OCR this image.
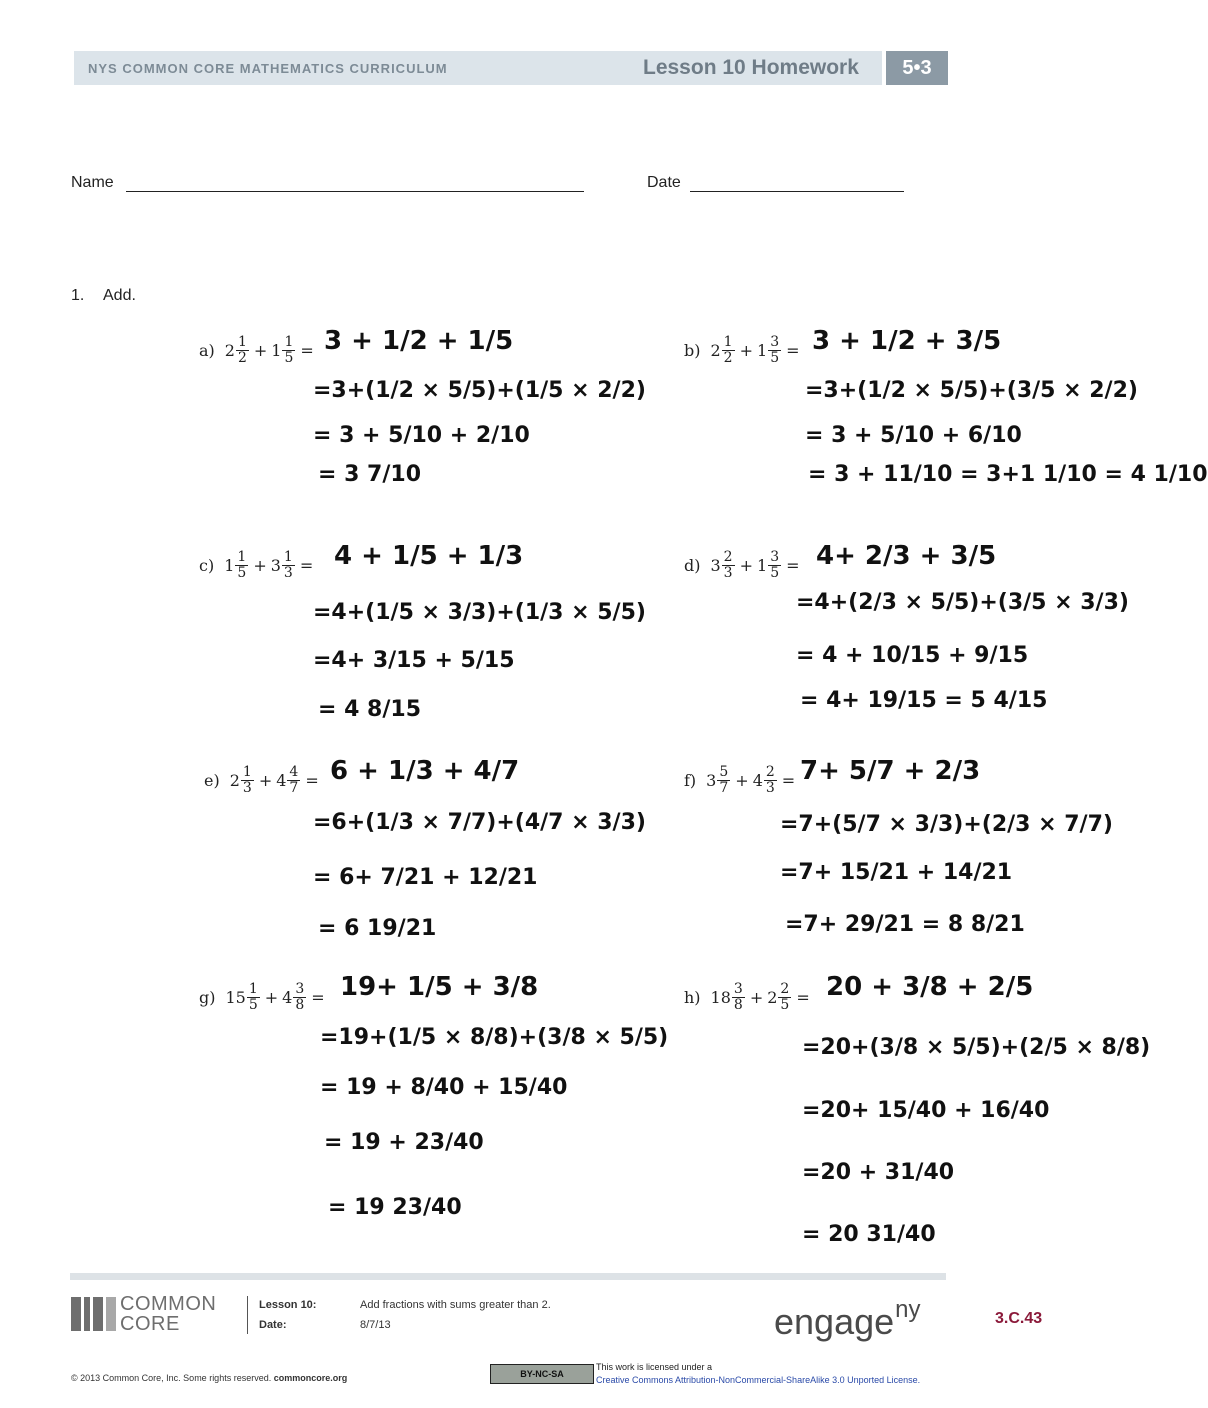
NYS COMMON CORE MATHEMATICS CURRICULUM	Lesson 10 Homework	5•3
Name	Date
1. Add.
a) $2 \frac{1}{2} + 1 \frac{1}{5} = 3 + 1/2 + 1/5$
=3+(1/2 × 5/5)+(1/5 × 2/2)
= 3 + 5/10 + 2/10
= 3 7/10
b) $2 \frac{1}{2} + 1 \frac{3}{5} = 3 + 1/2 + 3/5$
=3+(1/2 × 5/5)+(3/5 × 2/2)
= 3 + 5/10 + 6/10
= 3 + 11/10 = 3+1 1/10 = 4 1/10
c) $1 \frac{1}{5} + 3 \frac{1}{3} = 4 + 1/5 + 1/3$
=4+(1/5 × 3/3)+(1/3 × 5/5)
=4+ 3/15 + 5/15
= 4 8/15
d) $3 \frac{2}{3} + 1 \frac{3}{5} = 4+ 2/3 + 3/5$
=4+(2/3 × 5/5)+(3/5 × 3/3)
= 4 + 10/15 + 9/15
= 4+ 19/15 = 5 4/15
e) $2 \frac{1}{3} + 4 \frac{4}{7} = 6 + 1/3 + 4/7$
=6+(1/3 × 7/7)+(4/7 × 3/3)
= 6+ 7/21 + 12/21
= 6 19/21
f) $3 \frac{5}{7} + 4 \frac{2}{3} = 7+ 5/7 + 2/3$
=7+(5/7 × 3/3)+(2/3 × 7/7)
=7+ 15/21 + 14/21
=7+ 29/21 = 8 8/21
g) $15 \frac{1}{5} + 4 \frac{3}{8} = 19+ 1/5 + 3/8$
=19+(1/5 × 8/8)+(3/8 × 5/5)
= 19 + 8/40 + 15/40
= 19 + 23/40
= 19 23/40
h) $18 \frac{3}{8} + 2 \frac{2}{5} = 20 + 3/8 + 2/5$
=20+(3/8 × 5/5)+(2/5 × 8/8)
=20+ 15/40 + 16/40
=20 + 31/40
= 20 31/40
COMMON
CORE
Lesson 10:	Add fractions with sums greater than 2.
Date:	8/7/13	engage$^{ny}$	3.C.43
© 2013 Common Core, Inc. Some rights reserved. commoncore.org	BY-NC-SA
This work is licensed under a
Creative Commons Attribution-NonCommercial-ShareAlike 3.0 Unported License.
